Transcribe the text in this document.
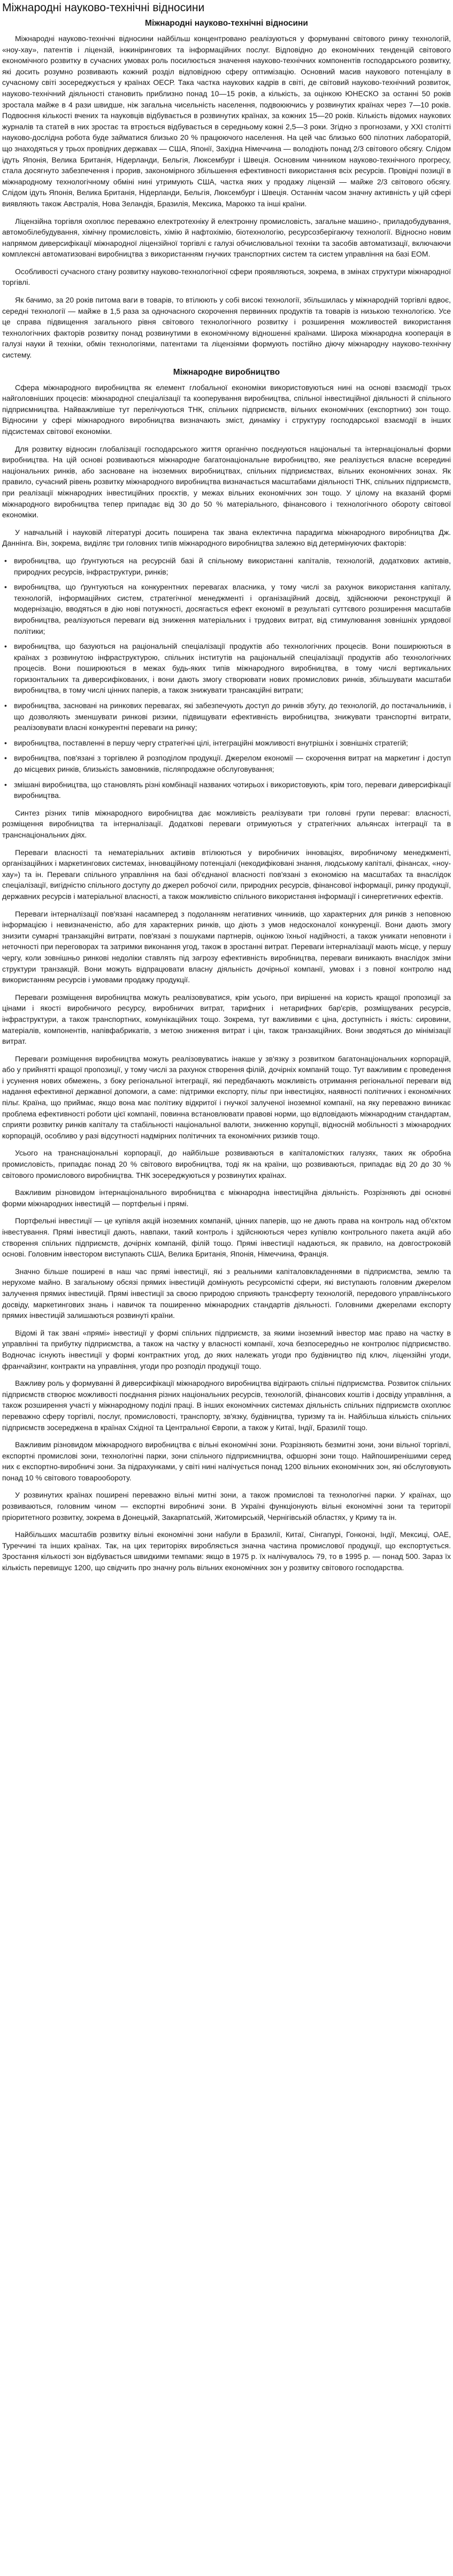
Міжнародні науково-технічні відносини
Міжнародні науково-технічні відносини

Міжнародні науково-технічні відносини найбільш концентровано реалізуються у формуванні світового ринку технологій, «ноу-хау», патентів і ліцензій, інжинірингових та інформаційних послуг. Відповідно до економічних тенденцій світового економічного розвитку в сучасних умовах роль посилюється значення науково-технічних компонентів господарського розвитку, які досить розумно розвивають кожний розділ відповідною сферу оптимізацію. Основний масив наукового потенціалу в сучасному світі зосереджується у країнах ОЕСР. Така частка наукових кадрів в світі, де світовий науково-технічний розвиток, науково-технічний діяльності становить приблизно понад 10—15 років, а кількість, за оцінкою ЮНЕСКО за останні 50 років зростала майже в 4 рази швидше, ніж загальна чисельність населення, подвоюючись у розвинутих країнах через 7—10 років. Подвоєння кількості вчених та науковців відбувається в розвинутих країнах, за кожних 15—20 років. Кількість відомих наукових журналів та статей в них зростає та втроється відбувається в середньому кожні 2,5—3 роки. Згідно з прогнозами, у XXI столітті науково-дослідна робота буде займатися близько 20 % працюючого населення. На цей час близько 600 пілотних лабораторій, що знаходяться у трьох провідних державах — США, Японії, Західна Німеччина — володіють понад 2/3 світового обсягу. Слідом ідуть Японія, Велика Британія, Нідерланди, Бельгія, Люксембург і Швеція. Основним чинником науково-технічного прогресу, стала досягнуто забезпечення і прорив, закономірного збільшення ефективності використання всіх ресурсів. Провідні позиції в міжнародному технологічному обміні нині утримують США, частка яких у продажу ліцензій — майже 2/3 світового обсягу. Слідом ідуть Японія, Велика Британія, Нідерланди, Бельгія, Люксембург і Швеція. Останнім часом значну активність у цій сфері виявляють також Австралія, Нова Зеландія, Бразилія, Мексика, Марокко та інші країни.

Ліцензійна торгівля охоплює переважно електротехніку й електронну промисловість, загальне машино-, приладобудування, автомобілебудування, хімічну промисловість, хімію й нафтохімію, біотехнологію, ресурсозберігаючу технології. Відносно новим напрямом диверсифікації міжнародної ліцензійної торгівлі є галузі обчислювальної техніки та засобів автоматизації, включаючи комплексні автоматизовані виробництва з використанням гнучких транспортних систем та систем управління на базі ЕОМ.

Особливості сучасного стану розвитку науково-технологічної сфери проявляються, зокрема, в змінах структури міжнародної торгівлі.

Як бачимо, за 20 років питома ваги в товарів, то втілюють у собі високі технології, збільшилась у міжнародній торгівлі вдвоє, середні технології — майже в 1,5 раза за одночасного скорочення первинних продуктів та товарів із низькою технологією. Усе це справа підвищення загального рівня світового технологічного розвитку і розширення можливостей використання технологічних факторів розвитку понад розвинутими в економічному відношенні країнами. Широка міжнародна кооперація в галузі науки й техніки, обмін технологіями, патентами та ліцензіями формують постійно діючу міжнародну науково-технічну систему.

Міжнародне виробництво

Сфера міжнародного виробництва як елемент глобальної економіки використовуються нині на основі взаємодії трьох найголовніших процесів: міжнародної спеціалізації та кооперування виробництва, спільної інвестиційної діяльності й спільного підприємництва. Найважливіше тут перелічуються ТНК, спільних підприємств, вільних економічних (експортних) зон тощо. Відносини у сфері міжнародного виробництва визначають зміст, динаміку і структуру господарської взаємодії в інших підсистемах світової економіки.

Для розвитку відносин глобалізації господарського життя органічно поєднуються національні та інтернаціональні форми виробництва. На цій основі розвиваються міжнародне багатонаціональне виробництво, яке реалізується власне всередині національних ринків, або засноване на іноземних виробництвах, спільних підприємствах, вільних економічних зонах. Як правило, сучасний рівень розвитку міжнародного виробництва визначається масштабами діяльності ТНК, спільних підприємств, при реалізації міжнародних інвестиційних проєктів, у межах вільних економічних зон тощо. У цілому на вказаній формі міжнародного виробництва тепер припадає від 30 до 50 % матеріального, фінансового і технологічного обороту світової економіки.

У навчальній і науковій літературі досить поширена так звана еклектична парадигма міжнародного виробництва Дж. Даннінга. Він, зокрема, виділяє три головних типів міжнародного виробництва залежно від детермінуючих факторів:

• виробництва, що ґрунтуються на ресурсній базі й спільному використанні капіталів, технологій, додаткових активів, природних ресурсів, інфраструктури, ринків;
• виробництва, що ґрунтуються на конкурентних перевагах власника, у тому числі за рахунок використання капіталу, технологій, інформаційних систем, стратегічної менеджменті і організаційний досвід, здійснюючи реконструкції й модернізацію, вводяться в дію нові потужності, досягається ефект економії в результаті суттєвого розширення масштабів виробництва, реалізуються переваги від зниження матеріальних і трудових витрат, від стимулювання зовнішніх урядової політики;
• виробництва, що базуються на раціональній спеціалізації продуктів або технологічних процесів. Вони поширюються в країнах з розвинутою інфраструктурою, спільних інститутів на раціональній спеціалізації продуктів або технологічних процесів. Вони поширюються в межах будь-яких типів міжнародного виробництва, в тому числі вертикальних горизонтальних та диверсифікованих, і вони дають змогу створювати нових промислових ринків, збільшувати масштаби виробництва, в тому числі цінних паперів, а також знижувати трансакційні витрати;
• виробництва, засновані на ринкових перевагах, які забезпечують доступ до ринків збуту, до технологій, до постачальників, і що дозволяють зменшувати ринкові ризики, підвищувати ефективність виробництва, знижувати транспортні витрати, реалізовувати власні конкурентні переваги на ринку;
• виробництва, поставленні в першу чергу стратегічні цілі, інтеграційні можливості внутрішніх і зовнішніх стратегій;
• виробництва, пов'язані з торгівлею й розподілом продукції. Джерелом економії — скорочення витрат на маркетинг і доступ до місцевих ринків, близькість замовників, післяпродажне обслуговування;
• змішані виробництва, що становлять різні комбінації названих чотирьох і використовують, крім того, переваги диверсифікації виробництва.

Синтез різних типів міжнародного виробництва дає можливість реалізувати три головні групи переваг: власності, розміщення виробництва та інтерналізації. Додаткові переваги отримуються у стратегічних альянсах інтеграції та в транснаціональних діях.

Переваги власності та нематеріальних активів втілюються у виробничих інноваціях, виробничому менеджменті, організаційних і маркетингових системах, інноваційному потенціалі (некодифіковані знання, людському капіталі, фінансах, «ноу-хау») та ін. Переваги спільного управління на базі об'єднаної власності пов'язані з економією на масштабах та внаслідок спеціалізації, вигідністю спільного доступу до джерел робочої сили, природних ресурсів, фінансової інформації, ринку продукції, державних ресурсів і матеріальної власності, а також можливістю спільного використання інформації і синергетичних ефектів.

Переваги інтерналізації пов'язані насамперед з подоланням негативних чинників, що характерних для ринків з неповною інформацією і невизначеністю, або для характерних ринків, що діють з умов недосконалої конкуренції. Вони дають змогу знизити сумарні транзакційні витрати, пов'язані з пошуками партнерів, оцінкою їхньої надійності, а також уникати неповноти і неточності при переговорах та затримки виконання угод, також в зростанні витрат. Переваги інтерналізації мають місце, у першу чергу, коли зовнішньо ринкові недоліки ставлять під загрозу ефективність виробництва, переваги виникають внаслідок зміни структури транзакцій. Вони можуть відпрацювати власну діяльність дочірньої компанії, умовах і з повної контролю над використанням ресурсів і умовами продажу продукції.

Переваги розміщення виробництва можуть реалізовуватися, крім усього, при вирішенні на користь кращої пропозиції за цінами і якості виробничого ресурсу, виробничих витрат, тарифних і нетарифних бар'єрів, розміщуваних ресурсів, інфраструктури, а також транспортних, комунікаційних тощо. Зокрема, тут важливими є ціна, доступність і якість: сировини, матеріалів, компонентів, напівфабрикатів, з метою зниження витрат і цін, також транзакційних. Вони зводяться до мінімізації витрат.

Переваги розміщення виробництва можуть реалізовуватись інакше у зв'язку з розвитком багатонаціональних корпорацій, або у прийнятті кращої пропозиції, у тому числі за рахунок створення філій, дочірніх компаній тощо. Тут важливим є проведення і усунення нових обмежень, з боку регіональної інтеграції, які передбачають можливість отримання регіональної переваги від надання ефективної державної допомоги, а саме: підтримки експорту, пільг при інвестиціях, наявності політичних і економічних пільг. Країна, що приймає, якщо вона має політику відкритої і гнучкої залученої іноземної компанії, на яку переважно виникає проблема ефективності роботи цієї компанії, повинна встановлювати правові норми, що відповідають міжнародним стандартам, сприяти розвитку ринків капіталу та стабільності національної валюти, зниженню корупції, відносній мобільності з міжнародних корпорацій, особливо у разі відсутності надмірних політичних та економічних ризиків тощо.

Усього на транснаціональні корпорації, до найбільше розвиваються в капіталомістких галузях, таких як обробна промисловість, припадає понад 20 % світового виробництва, тоді як на країни, що розвиваються, припадає від 20 до 30 % світового промислового виробництва. ТНК зосереджуються у розвинутих країнах.

Важливим різновидом інтернаціонального виробництва є міжнародна інвестиційна діяльність. Розрізняють дві основні форми міжнародних інвестицій — портфельні і прямі.

Портфельні інвестиції — це купівля акцій іноземних компаній, цінних паперів, що не дають права на контроль над об'єктом інвестування. Прямі інвестиції дають, навпаки, такий контроль і здійснюються через купівлю контрольного пакета акцій або створення спільних підприємств, дочірніх компаній, філій тощо. Прямі інвестиції надаються, як правило, на довгостроковій основі. Головним інвестором виступають США, Велика Британія, Японія, Німеччина, Франція.

Значно більше поширені в наш час прямі інвестиції, які з реальними капіталовкладеннями в підприємства, землю та нерухоме майно. В загальному обсязі прямих інвестицій домінують ресурсомісткі сфери, які виступають головним джерелом залучення прямих інвестицій. Прямі інвестиції за своєю природою сприяють трансферту технологій, передового управлінського досвіду, маркетингових знань і навичок та поширенню міжнародних стандартів діяльності. Головними джерелами експорту прямих інвестицій залишаються розвинуті країни.

Відомі й так звані «прямі» інвестиції у формі спільних підприємств, за якими іноземний інвестор має право на частку в управлінні та прибутку підприємства, а також на частку у власності компанії, хоча безпосередньо не контролює підприємство. Водночас існують інвестиції у формі контрактних угод, до яких належать угоди про будівництво під ключ, ліцензійні угоди, франчайзинг, контракти на управління, угоди про розподіл продукції тощо.

Важливу роль у формуванні й диверсифікації міжнародного виробництва відіграють спільні підприємства. Розвиток спільних підприємств створює можливості поєднання різних національних ресурсів, технологій, фінансових коштів і досвіду управління, а також розширення участі у міжнародному поділі праці. В інших економічних системах діяльність спільних підприємств охоплює переважно сферу торгівлі, послуг, промисловості, транспорту, зв'язку, будівництва, туризму та ін. Найбільша кількість спільних підприємств зосереджена в країнах Східної та Центральної Європи, а також у Китаї, Індії, Бразилії тощо.

Важливим різновидом міжнародного виробництва є вільні економічні зони. Розрізняють безмитні зони, зони вільної торгівлі, експортні промислові зони, технологічні парки, зони спільного підприємництва, офшорні зони тощо. Найпоширенішими серед них є експортно-виробничі зони. За підрахунками, у світі нині налічується понад 1200 вільних економічних зон, які обслуговують понад 10 % світового товарообороту.

У розвинутих країнах поширені переважно вільні митні зони, а також промислові та технологічні парки. У країнах, що розвиваються, головним чином — експортні виробничі зони. В Україні функціонують вільні економічні зони та території пріоритетного розвитку, зокрема в Донецькій, Закарпатській, Житомирській, Чернігівській областях, у Криму та ін.

Найбільших масштабів розвитку вільні економічні зони набули в Бразилії, Китаї, Сінгапурі, Гонконзі, Індії, Мексиці, ОАЕ, Туреччині та інших країнах. Так, на цих територіях виробляється значна частина промислової продукції, що експортується. Зростання кількості зон відбувається швидкими темпами: якщо в 1975 р. їх налічувалось 79, то в 1995 р. — понад 500. Зараз їх кількість перевищує 1200, що свідчить про значну роль вільних економічних зон у розвитку світового господарства.
